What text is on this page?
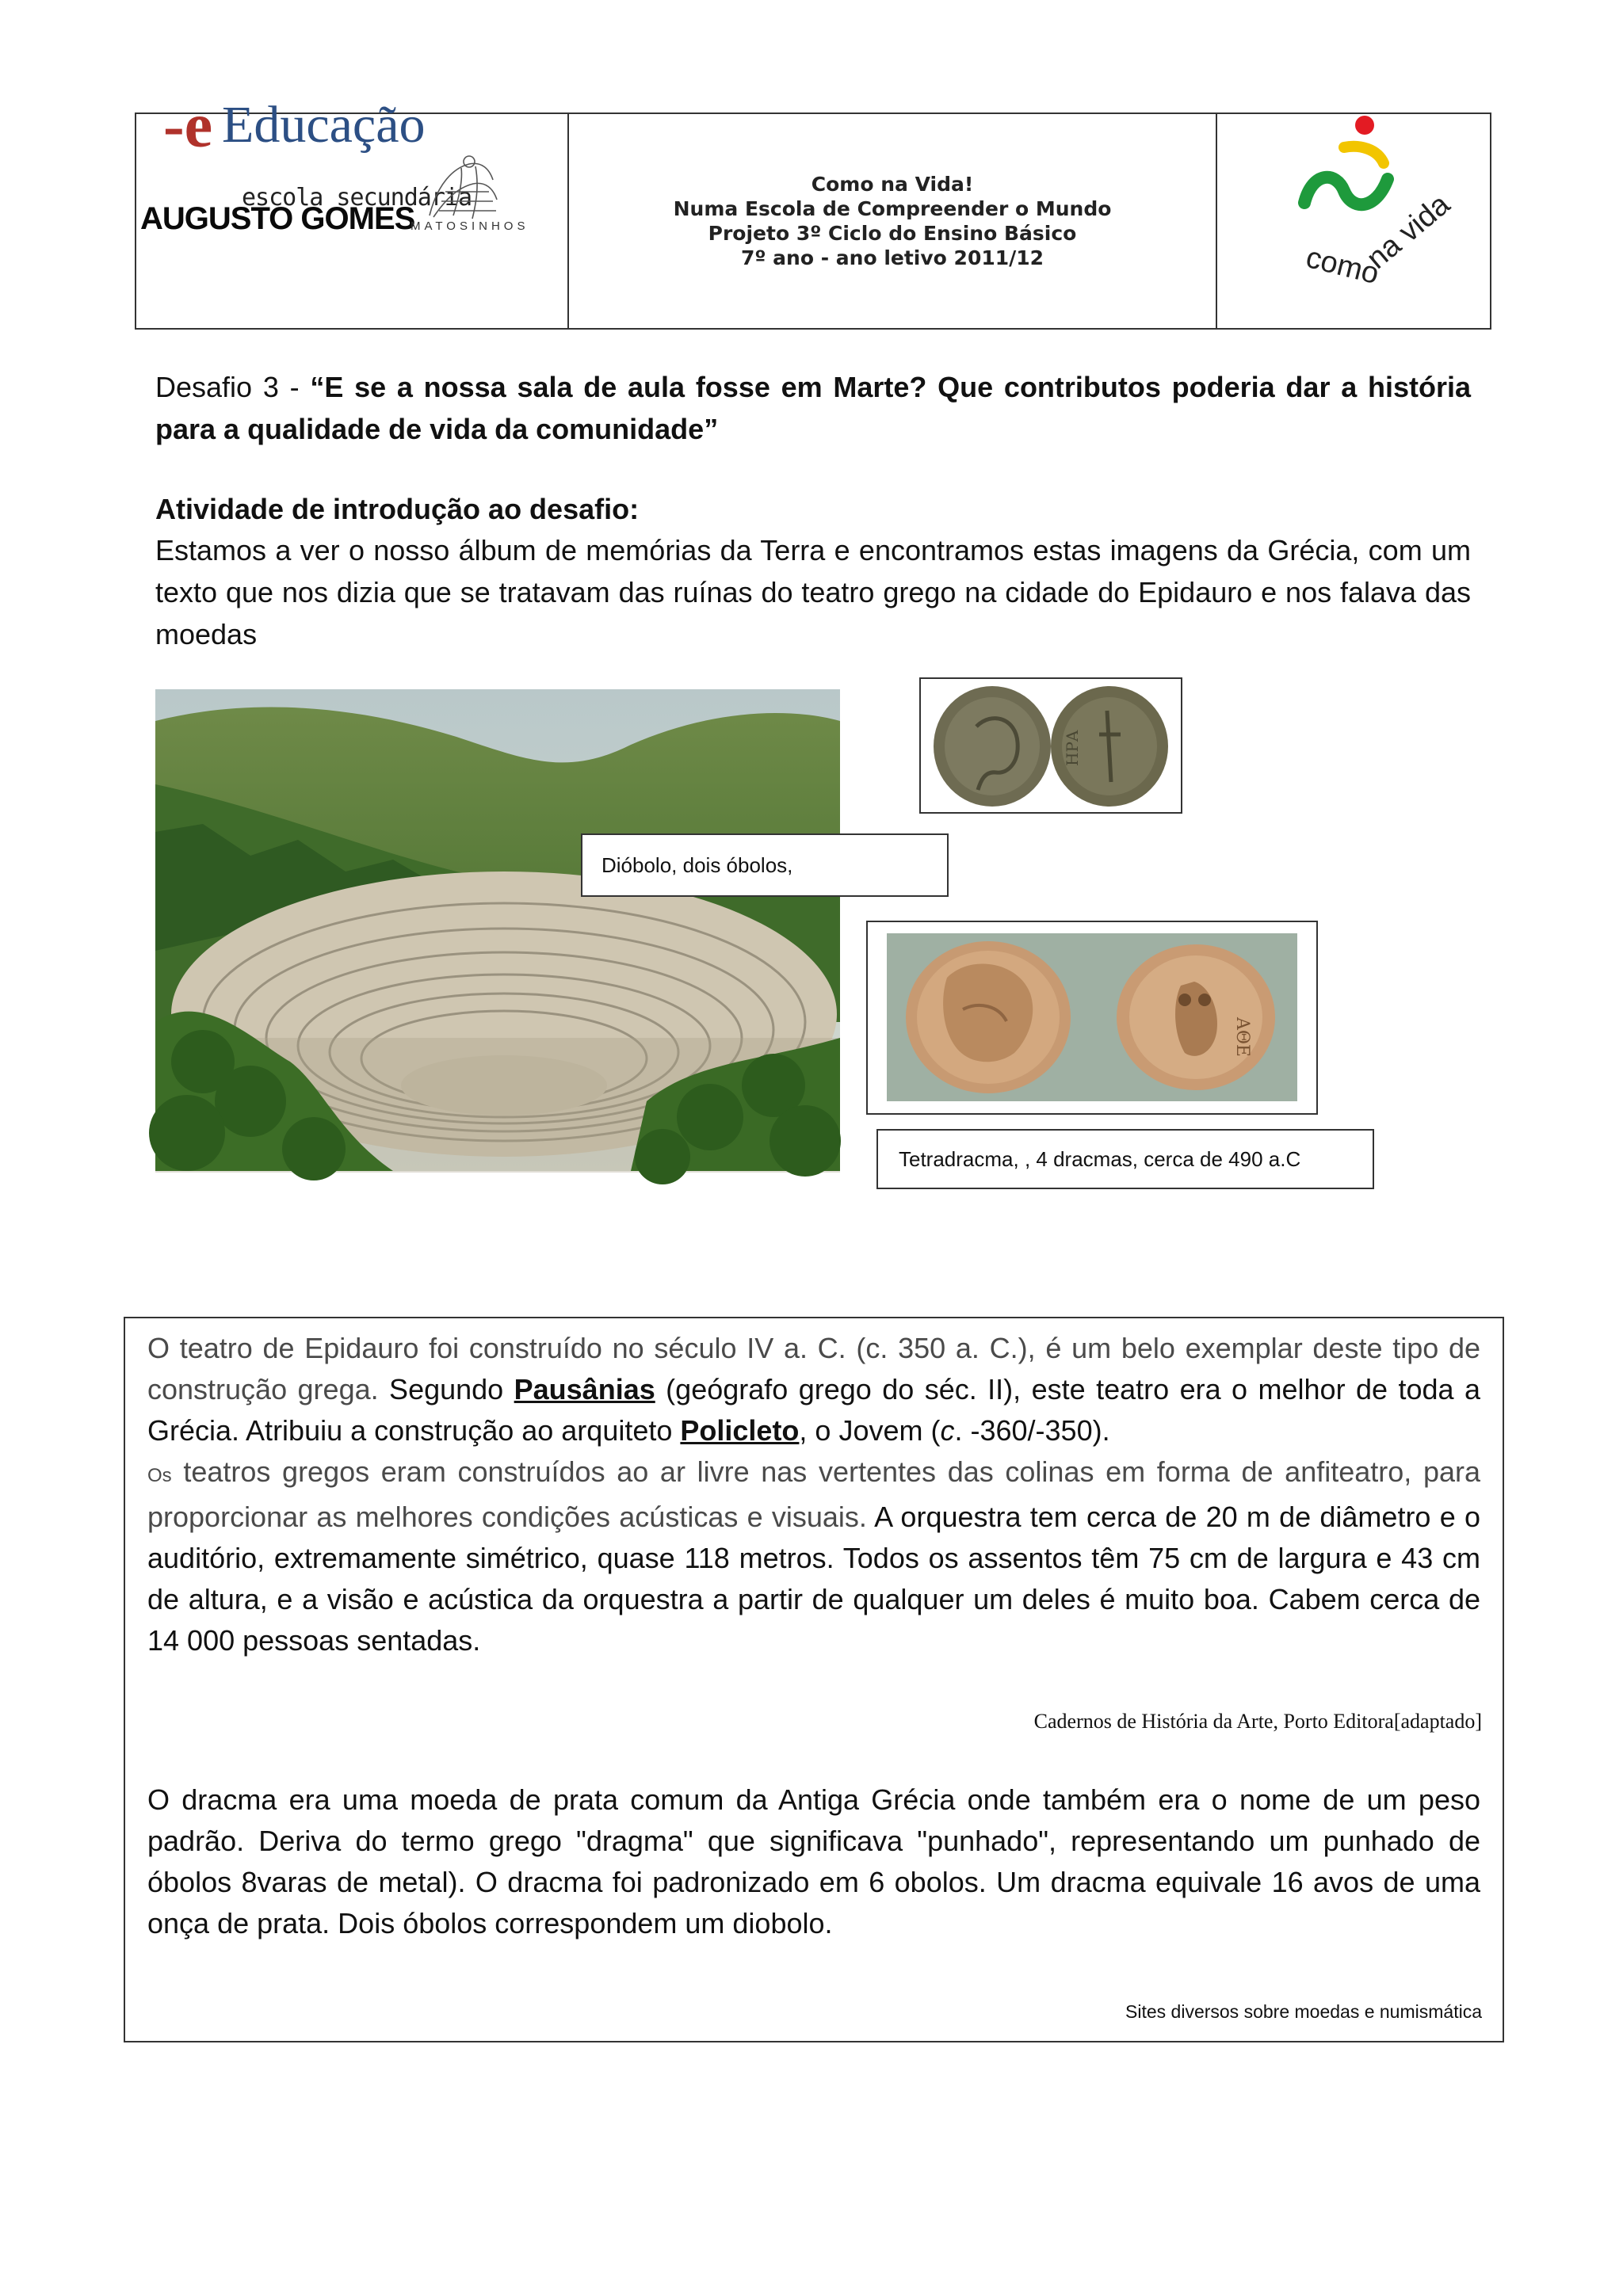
-e Educação
escola secundária
AUGUSTO GOMES
MATOSINHOS
Como na Vida!
Numa Escola de Compreender o Mundo
Projeto 3º Ciclo do Ensino Básico
7º ano - ano letivo 2011/12	como
na vida
Desafio 3 - “E se a nossa sala de aula fosse em Marte? Que contributos poderia dar a história para a qualidade de vida da comunidade”
Atividade de introdução ao desafio:
Estamos a ver o nosso álbum de memórias da Terra e encontramos estas imagens da Grécia, com um texto que nos dizia que se tratavam das ruínas do teatro grego na cidade do Epidauro e nos falava das moedas
ΗΡΑ
Dióbolo, dois óbolos,
ΑΘΕ
Tetradracma, , 4 dracmas, cerca de 490 a.C
O teatro de Epidauro foi construído no século IV a. C. (c. 350 a. C.), é um belo exemplar deste tipo de construção grega. Segundo Pausânias (geógrafo grego do séc. II), este teatro era o melhor de toda a Grécia. Atribuiu a construção ao arquiteto Policleto, o Jovem (c. -360/-350).
Os teatros gregos eram construídos ao ar livre nas vertentes das colinas em forma de anfiteatro, para proporcionar as melhores condições acústicas e visuais. A orquestra tem cerca de 20 m de diâmetro e o auditório, extremamente simétrico, quase 118 metros. Todos os assentos têm 75 cm de largura e 43 cm de altura, e a visão e acústica da orquestra a partir de qualquer um deles é muito boa. Cabem cerca de 14 000 pessoas sentadas.
Cadernos de História da Arte, Porto Editora[adaptado]
O dracma era uma moeda de prata comum da Antiga Grécia onde também era o nome de um peso padrão. Deriva do termo grego "dragma" que significava "punhado", representando um punhado de óbolos 8varas de metal). O dracma foi padronizado em 6 obolos. Um dracma equivale 16 avos de uma onça de prata. Dois óbolos correspondem um diobolo.
Sites diversos sobre moedas e numismática
